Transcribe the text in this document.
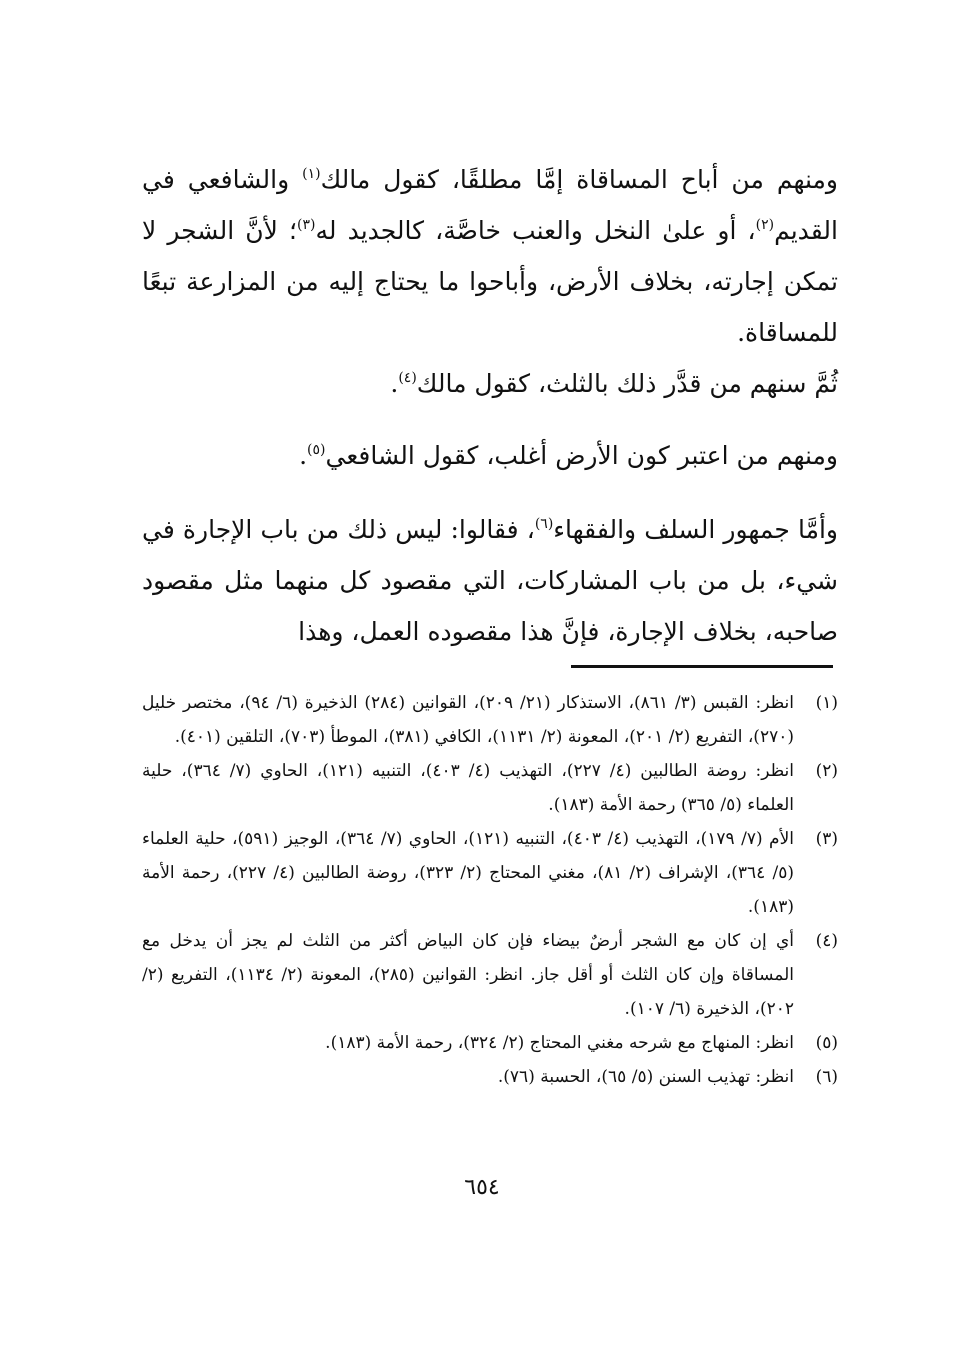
ومنهم من أباح المساقاة إمَّا مطلقًا، كقول مالك$^{(١)}$ والشافعي في القديم$^{(٢)}$، أو علىٰ النخل والعنب خاصَّة، كالجديد له$^{(٣)}$؛ لأنَّ الشجر لا تمكن إجارته، بخلاف الأرض، وأباحوا ما يحتاج إليه من المزارعة تبعًا للمساقاة.

ثُمَّ سنهم من قدَّر ذلك بالثلث، كقول مالك$^{(٤)}$.

ومنهم من اعتبر كون الأرض أغلب، كقول الشافعي$^{(٥)}$.

وأمَّا جمهور السلف والفقهاء$^{(٦)}$، فقالوا: ليس ذلك من باب الإجارة في شيء، بل من باب المشاركات، التي مقصود كل منهما مثل مقصود صاحبه، بخلاف الإجارة، فإنَّ هذا مقصوده العمل، وهذا

(١)
انظر: القبس (٣/ ٨٦١)، الاستذكار (٢١/ ٢٠٩)، القوانين (٢٨٤) الذخيرة (٦/ ٩٤)، مختصر خليل (٢٧٠)، التفريع (٢/ ٢٠١)، المعونة (٢/ ١١٣١)، الكافي (٣٨١)، الموطأ (٧٠٣)، التلقين (٤٠١).
(٢)
انظر: روضة الطالبين (٤/ ٢٢٧)، التهذيب (٤/ ٤٠٣)، التنبيه (١٢١)، الحاوي (٧/ ٣٦٤)، حلية العلماء (٥/ ٣٦٥) رحمة الأمة (١٨٣).
(٣)
الأم (٧/ ١٧٩)، التهذيب (٤/ ٤٠٣)، التنبيه (١٢١)، الحاوي (٧/ ٣٦٤)، الوجيز (٥٩١)، حلية العلماء (٥/ ٣٦٤)، الإشراف (٢/ ٨١)، مغني المحتاج (٢/ ٣٢٣)، روضة الطالبين (٤/ ٢٢٧)، رحمة الأمة (١٨٣).
(٤)
أي إن كان مع الشجر أرضٌ بيضاء فإن كان البياض أكثر من الثلث لم يجز أن يدخل مع المساقاة وإن كان الثلث أو أقل جاز. انظر: القوانين (٢٨٥)، المعونة (٢/ ١١٣٤)، التفريع (٢/ ٢٠٢)، الذخيرة (٦/ ١٠٧).
(٥)
انظر: المنهاج مع شرحه مغني المحتاج (٢/ ٣٢٤)، رحمة الأمة (١٨٣).
(٦)
انظر: تهذيب السنن (٥/ ٦٥)، الحسبة (٧٦).
٦٥٤
